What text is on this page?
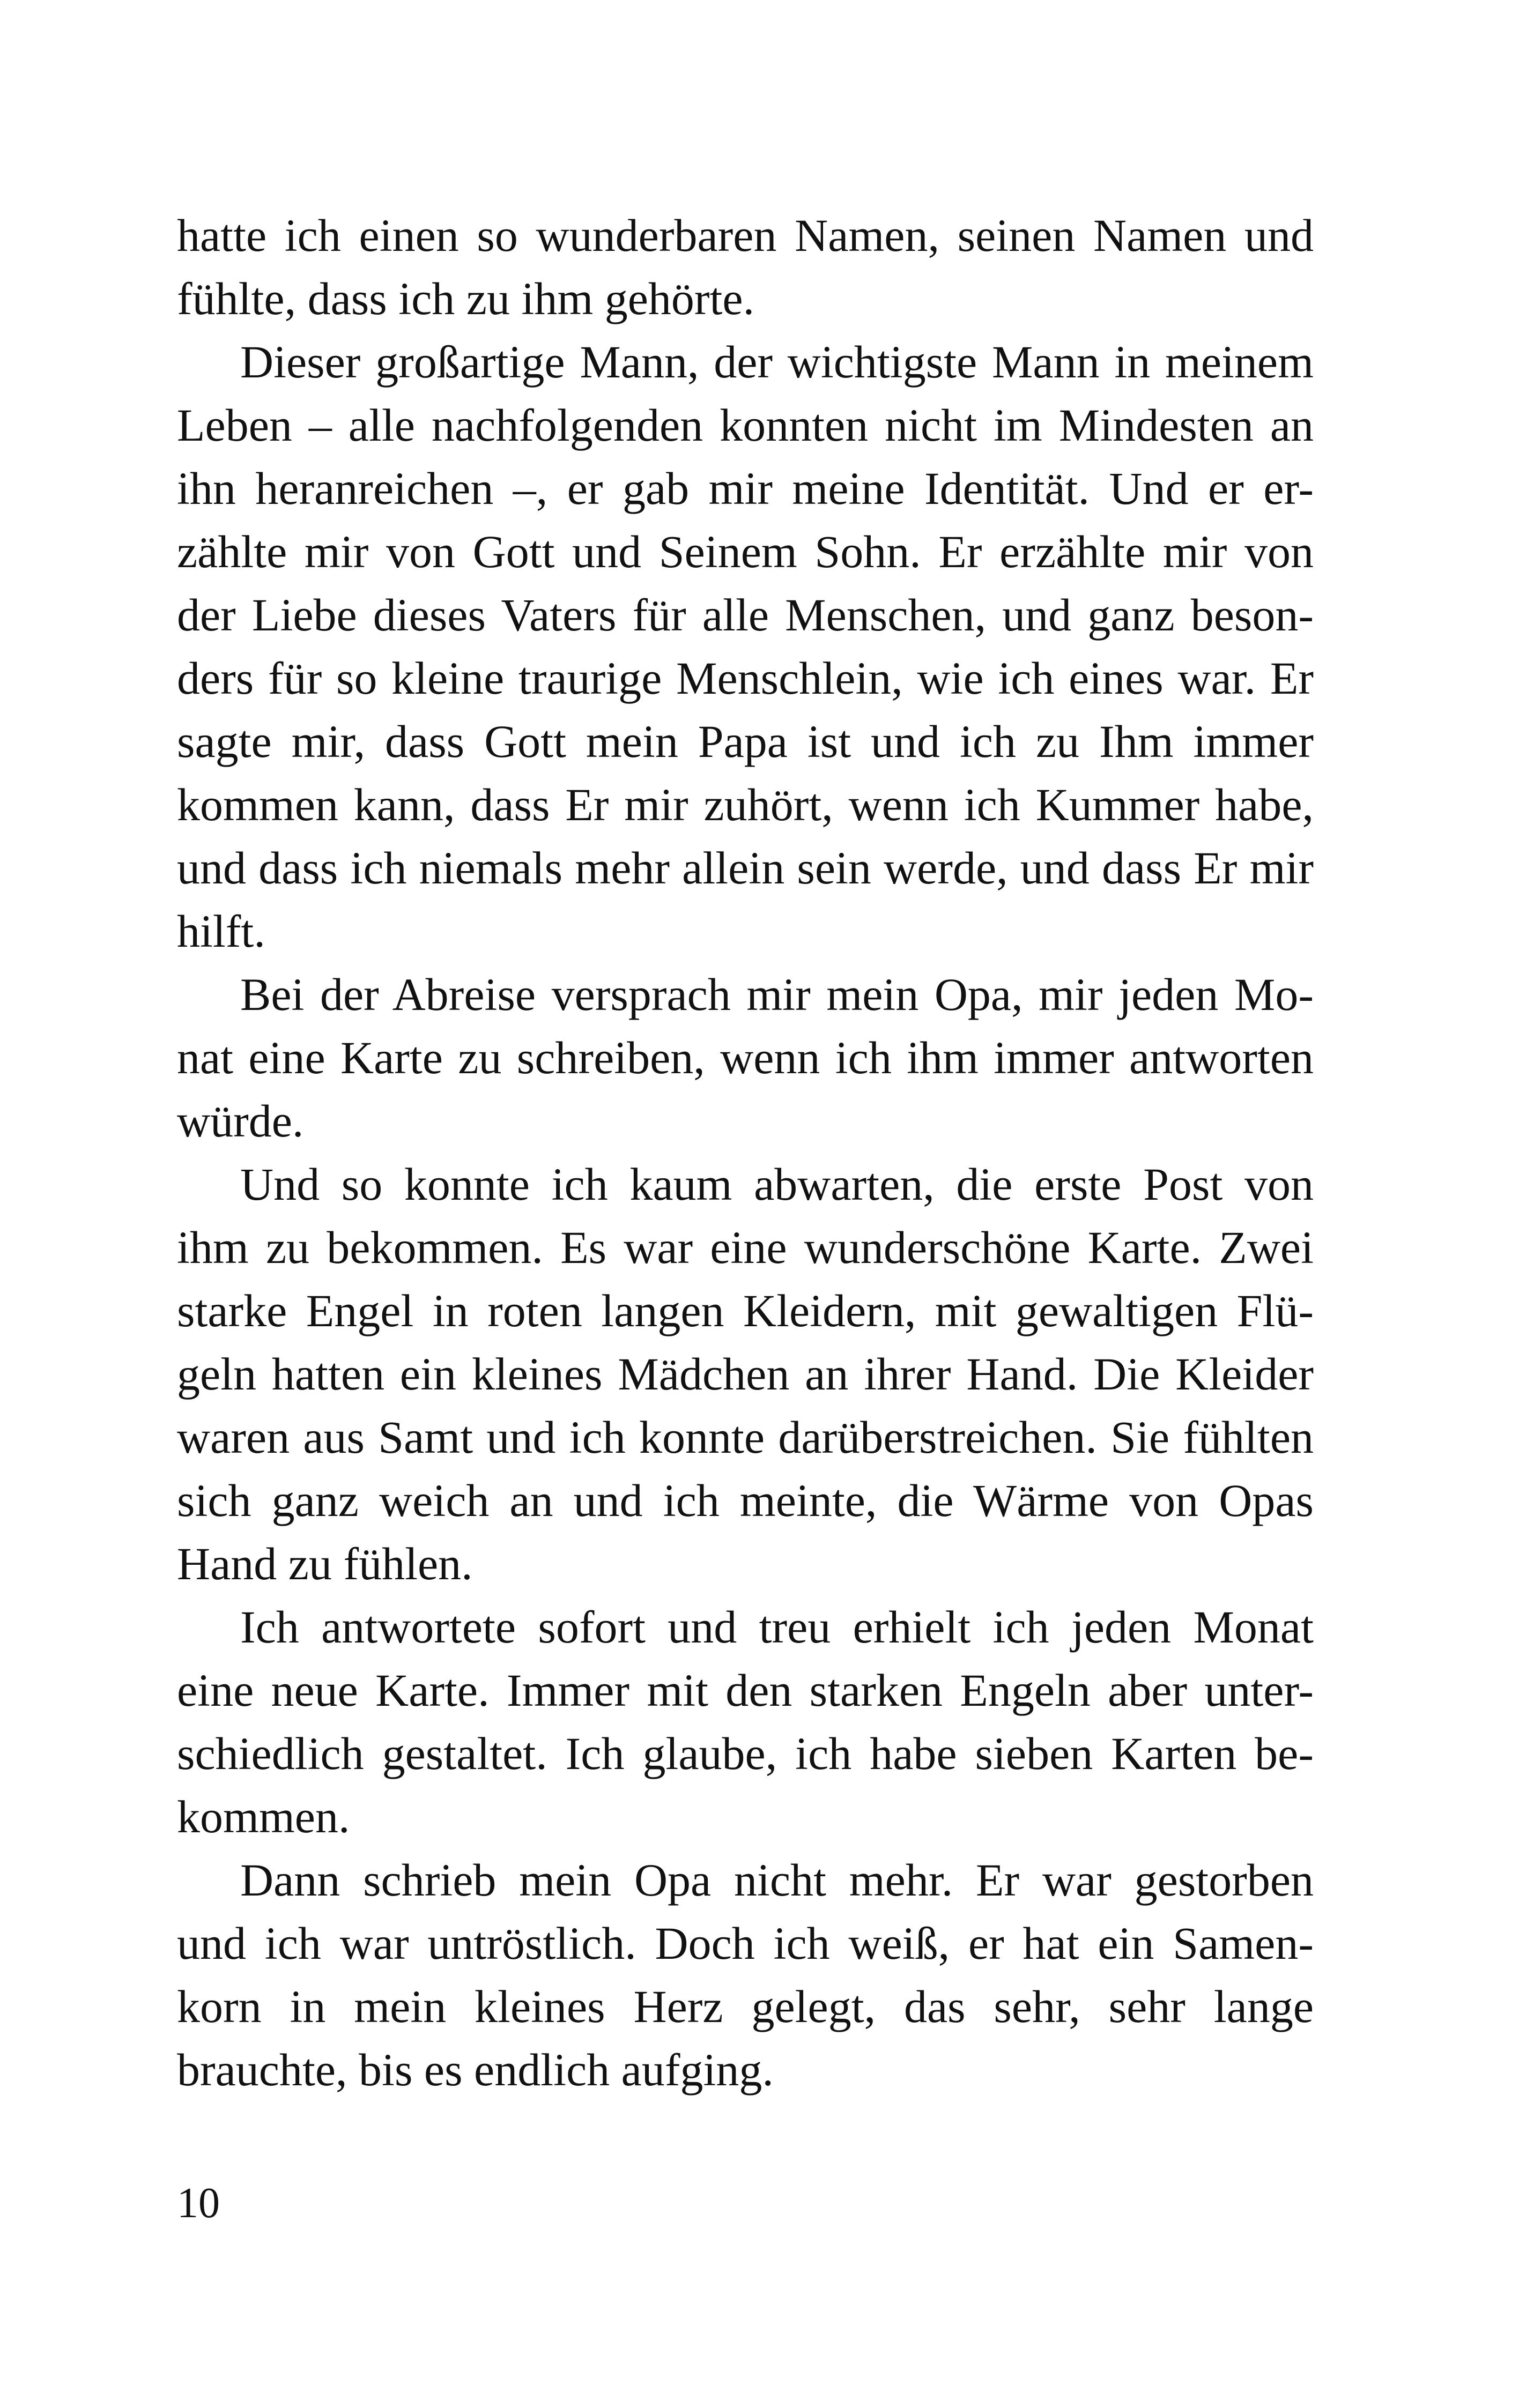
hatte ich einen so wunderbaren Namen, seinen Namen und
fühlte, dass ich zu ihm gehörte.
Dieser großartige Mann, der wichtigste Mann in meinem
Leben – alle nachfolgenden konnten nicht im Mindesten an
ihn heranreichen –, er gab mir meine Identität. Und er er-
zählte mir von Gott und Seinem Sohn. Er erzählte mir von
der Liebe dieses Vaters für alle Menschen, und ganz beson-
ders für so kleine traurige Menschlein, wie ich eines war. Er
sagte mir, dass Gott mein Papa ist und ich zu Ihm immer
kommen kann, dass Er mir zuhört, wenn ich Kummer habe,
und dass ich niemals mehr allein sein werde, und dass Er mir
hilft.
Bei der Abreise versprach mir mein Opa, mir jeden Mo-
nat eine Karte zu schreiben, wenn ich ihm immer antworten
würde.
Und so konnte ich kaum abwarten, die erste Post von
ihm zu bekommen. Es war eine wunderschöne Karte. Zwei
starke Engel in roten langen Kleidern, mit gewaltigen Flü-
geln hatten ein kleines Mädchen an ihrer Hand. Die Kleider
waren aus Samt und ich konnte darüberstreichen. Sie fühlten
sich ganz weich an und ich meinte, die Wärme von Opas
Hand zu fühlen.
Ich antwortete sofort und treu erhielt ich jeden Monat
eine neue Karte. Immer mit den starken Engeln aber unter-
schiedlich gestaltet. Ich glaube, ich habe sieben Karten be-
kommen.
Dann schrieb mein Opa nicht mehr. Er war gestorben
und ich war untröstlich. Doch ich weiß, er hat ein Samen-
korn in mein kleines Herz gelegt, das sehr, sehr lange
brauchte, bis es endlich aufging.
10
